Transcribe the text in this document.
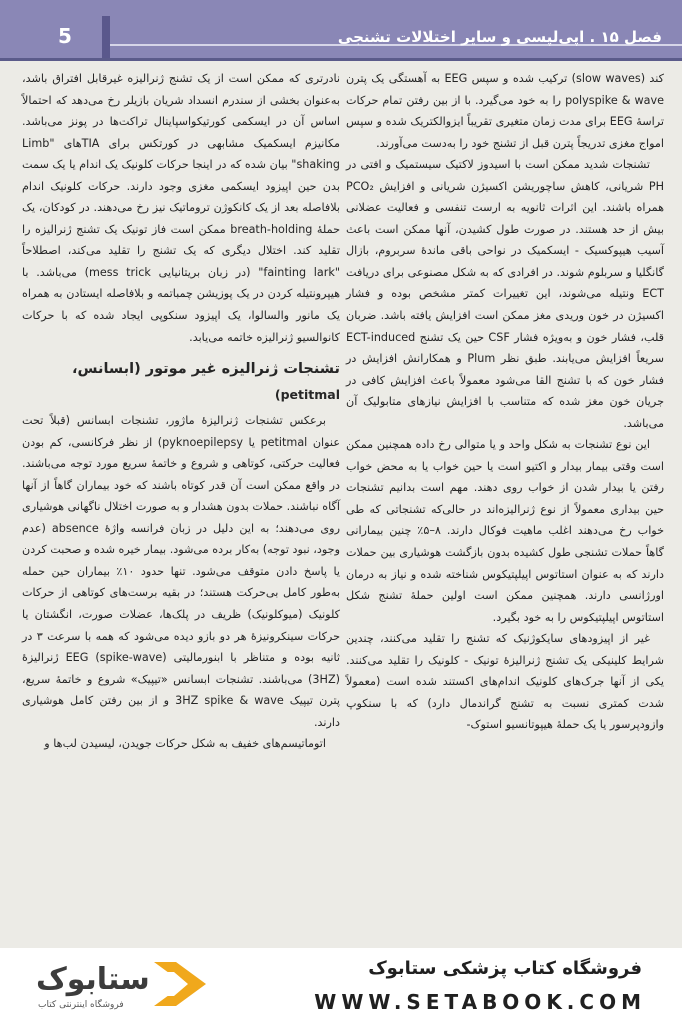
5	فصل ۱۵ . اپی‌لپسی و سایر اختلالات تشنجی

کند (slow waves) ترکیب شده و سپس EEG به آهستگی یک پترن polyspike & wave را به خود می‌گیرد. با از بین رفتن تمام حرکات تراسهٔ EEG برای مدت زمان متغیری تقریباً ایزوالکتریک شده و سپس امواج مغزی تدریجاً پترن قبل از تشنج خود را به‌دست می‌آورند.

تشنجات شدید ممکن است با اسیدوز لاکتیک سیستمیک و افتی در PH شریانی، کاهش ساچوریشن اکسیژن شریانی و افزایش PCO₂ همراه باشند. این اثرات ثانویه به ارست تنفسی و فعالیت عضلانی بیش از حد هستند. در صورت طول کشیدن، آنها ممکن است باعث آسیب هیپوکسیک - ایسکمیک در نواحی باقی ماندهٔ سربروم، بازال گانگلیا و سربلوم شوند. در افرادی که به شکل مصنوعی برای دریافت ECT ونتیله می‌شوند، این تغییرات کمتر مشخص بوده و فشار اکسیژن در خون وریدی مغز ممکن است افزایش یافته باشد. ضربان قلب، فشار خون و به‌ویژه فشار CSF حین یک تشنج ECT-induced سریعاً افزایش می‌یابند. طبق نظر Plum و همکارانش افزایش در فشار خون که با تشنج القا می‌شود معمولاً باعث افزایش کافی در جریان خون مغز شده که متناسب با افزایش نیازهای متابولیک آن می‌باشد.

این نوع تشنجات به شکل واحد و یا متوالی رخ داده همچنین ممکن است وقتی بیمار بیدار و اکتیو است یا حین خواب یا به محض خواب رفتن یا بیدار شدن از خواب روی دهند. مهم است بدانیم تشنجات حین بیداری معمولاً از نوع ژنرالیزه‌اند در حالی‌که تشنجاتی که طی خواب رخ می‌دهند اغلب ماهیت فوکال دارند. ۸–۵٪ چنین بیمارانی گاهاً حملات تشنجی طول کشیده بدون بازگشت هوشیاری بین حملات دارند که به عنوان استاتوس اپیلپتیکوس شناخته شده و نیاز به درمان اورژانسی دارند. همچنین ممکن است اولین حملهٔ تشنج شکل استاتوس اپیلپتیکوس را به خود بگیرد.

غیر از اپیزودهای سایکوژنیک که تشنج را تقلید می‌کنند، چندین شرایط کلینیکی یک تشنج ژنرالیزهٔ تونیک - کلونیک را تقلید می‌کنند. یکی از آنها جرک‌های کلونیک اندام‌های اکستند شده است (معمولاً شدت کمتری نسبت به تشنج گراندمال دارد) که با سنکوپ وازودپرسور یا یک حملهٔ هیپوتانسیو استوک-

نادرتری که ممکن است از یک تشنج ژنرالیزه غیرقابل افتراق باشد، به‌عنوان بخشی از سندرم انسداد شریان بازیلر رخ می‌دهد که احتمالاً اساس آن در ایسکمی کورتیکواسپاینال تراکت‌ها در پونز می‌باشد. مکانیزم ایسکمیک مشابهی در کورتکس برای TIAهای "Limb shaking" بیان شده که در اینجا حرکات کلونیک یک اندام یا یک سمت بدن حین اپیزود ایسکمی مغزی وجود دارند. حرکات کلونیک اندام بلافاصله بعد از یک کانکوژن تروماتیک نیز رخ می‌دهند. در کودکان، یک حملهٔ breath-holding ممکن است فاز تونیک یک تشنج ژنرالیزه را تقلید کند. اختلال دیگری که یک تشنج را تقلید می‌کند، اصطلاحاً "fainting lark" (در زبان بریتانیایی mess trick) می‌باشد. با هیپرونتیله کردن در یک پوزیشن چمباتمه و بلافاصله ایستادن به همراه یک مانور والسالوا، یک اپیزود سنکوپی ایجاد شده که با حرکات کانوالسیو ژنرالیزه خاتمه می‌یابد.

تشنجات ژنرالیزه غیر موتور (ابسانس،
petitmal)

برعکس تشنجات ژنرالیزهٔ ماژور، تشنجات ابسانس (قبلاً تحت عنوان petitmal یا pyknoepilepsy) از نظر فرکانسی، کم بودن فعالیت حرکتی، کوتاهی و شروع و خاتمهٔ سریع مورد توجه می‌باشند. در واقع ممکن است آن قدر کوتاه باشند که خود بیماران گاهاً از آنها آگاه نباشند. حملات بدون هشدار و به صورت اختلال ناگهانی هوشیاری روی می‌دهند؛ به این دلیل در زبان فرانسه واژهٔ absence (عدم وجود، نبود توجه) به‌کار برده می‌شود. بیمار خیره شده و صحبت کردن یا پاسخ دادن متوقف می‌شود. تنها حدود ۱۰٪ بیماران حین حمله به‌طور کامل بی‌حرکت هستند؛ در بقیه برست‌های کوتاهی از حرکات کلونیک (میوکلونیک) ظریف در پلک‌ها، عضلات صورت، انگشتان یا حرکات سینکرونیزهٔ هر دو بازو دیده می‌شود که همه با سرعت ۳ در ثانیه بوده و متناظر با ابنورمالیتی EEG (spike-wave) ژنرالیزهٔ (3HZ) می‌باشند. تشنجات ابسانس «تیپیک» شروع و خاتمهٔ سریع، پترن تیپیک 3HZ spike & wave و از بین رفتن کامل هوشیاری دارند.

اتوماتیسم‌های خفیف به شکل حرکات جویدن، لیسیدن لب‌ها و

ستابوک
فروشگاه اینترنتی کتاب
فروشگاه کتاب پزشکی ستابوک
WWW.SETABOOK.COM
